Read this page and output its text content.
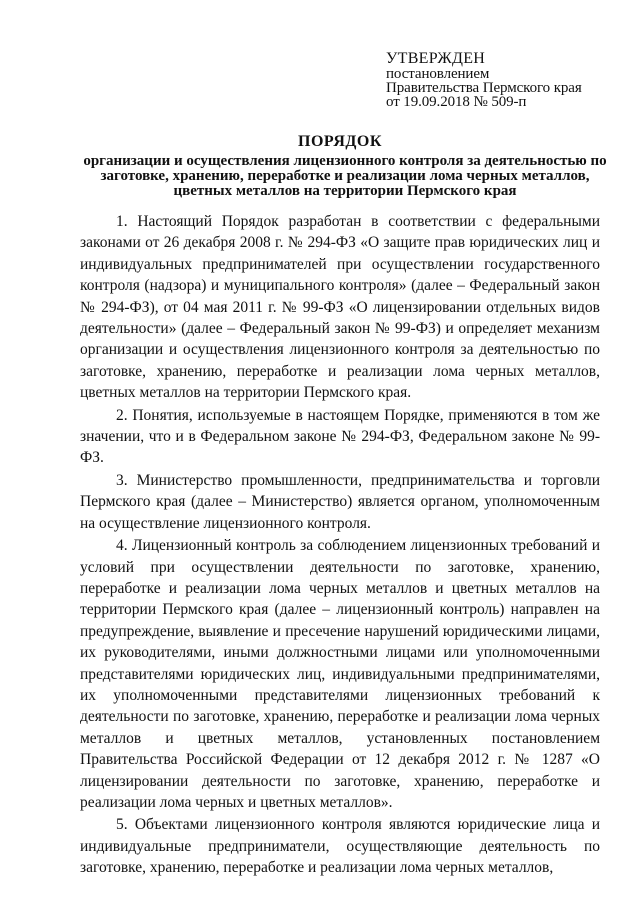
УТВЕРЖДЕН
постановлением
Правительства Пермского края
от 19.09.2018 № 509-п
ПОРЯДОК
организации и осуществления лицензионного контроля за деятельностью по заготовке, хранению, переработке и реализации лома черных металлов, цветных металлов на территории Пермского края

1. Настоящий Порядок разработан в соответствии с федеральными законами от 26 декабря 2008 г. № 294-ФЗ «О защите прав юридических лиц и индивидуальных предпринимателей при осуществлении государственного контроля (надзора) и муниципального контроля» (далее – Федеральный закон № 294-ФЗ), от 04 мая 2011 г. № 99-ФЗ «О лицензировании отдельных видов деятельности» (далее – Федеральный закон № 99-ФЗ) и определяет механизм организации и осуществления лицензионного контроля за деятельностью по заготовке, хранению, переработке и реализации лома черных металлов, цветных металлов на территории Пермского края.

2. Понятия, используемые в настоящем Порядке, применяются в том же значении, что и в Федеральном законе № 294-ФЗ, Федеральном законе № 99-ФЗ.

3. Министерство промышленности, предпринимательства и торговли Пермского края (далее – Министерство) является органом, уполномоченным на осуществление лицензионного контроля.

4. Лицензионный контроль за соблюдением лицензионных требований и условий при осуществлении деятельности по заготовке, хранению, переработке и реализации лома черных металлов и цветных металлов на территории Пермского края (далее – лицензионный контроль) направлен на предупреждение, выявление и пресечение нарушений юридическими лицами, их руководителями, иными должностными лицами или уполномоченными представителями юридических лиц, индивидуальными предпринимателями, их уполномоченными представителями лицензионных требований к деятельности по заготовке, хранению, переработке и реализации лома черных металлов и цветных металлов, установленных постановлением Правительства Российской Федерации от 12 декабря 2012 г. № 1287 «О лицензировании деятельности по заготовке, хранению, переработке и реализации лома черных и цветных металлов».

5. Объектами лицензионного контроля являются юридические лица и индивидуальные предприниматели, осуществляющие деятельность по заготовке, хранению, переработке и реализации лома черных металлов,
